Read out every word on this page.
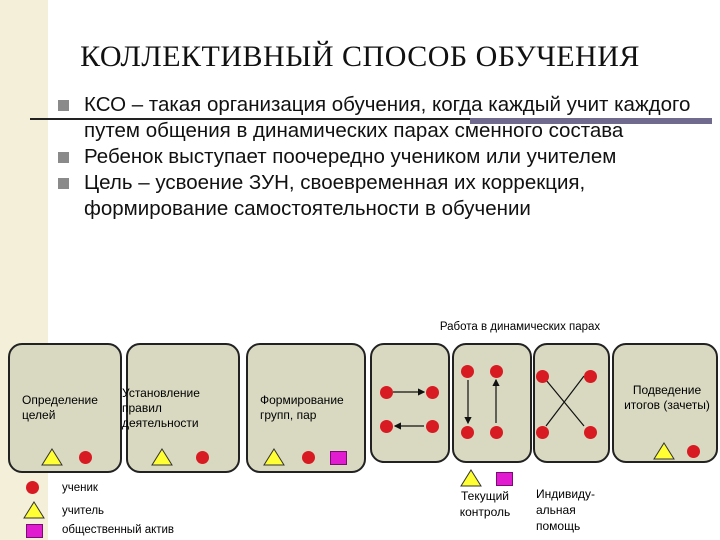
КОЛЛЕКТИВНЫЙ СПОСОБ ОБУЧЕНИЯ
КСО – такая организация обучения, когда каждый учит каждого путем общения в динамических парах сменного состава
Ребенок выступает поочередно учеником или учителем
Цель – усвоение ЗУН, своевременная их коррекция, формирование самостоятельности в обучении
Определение целей
Установление правил деятельности
Формирование групп, пар
Подведение итогов (зачеты)
Работа в динамических парах
ученик
учитель
общественный актив
Текущий контроль
Индивиду-альная помощь
